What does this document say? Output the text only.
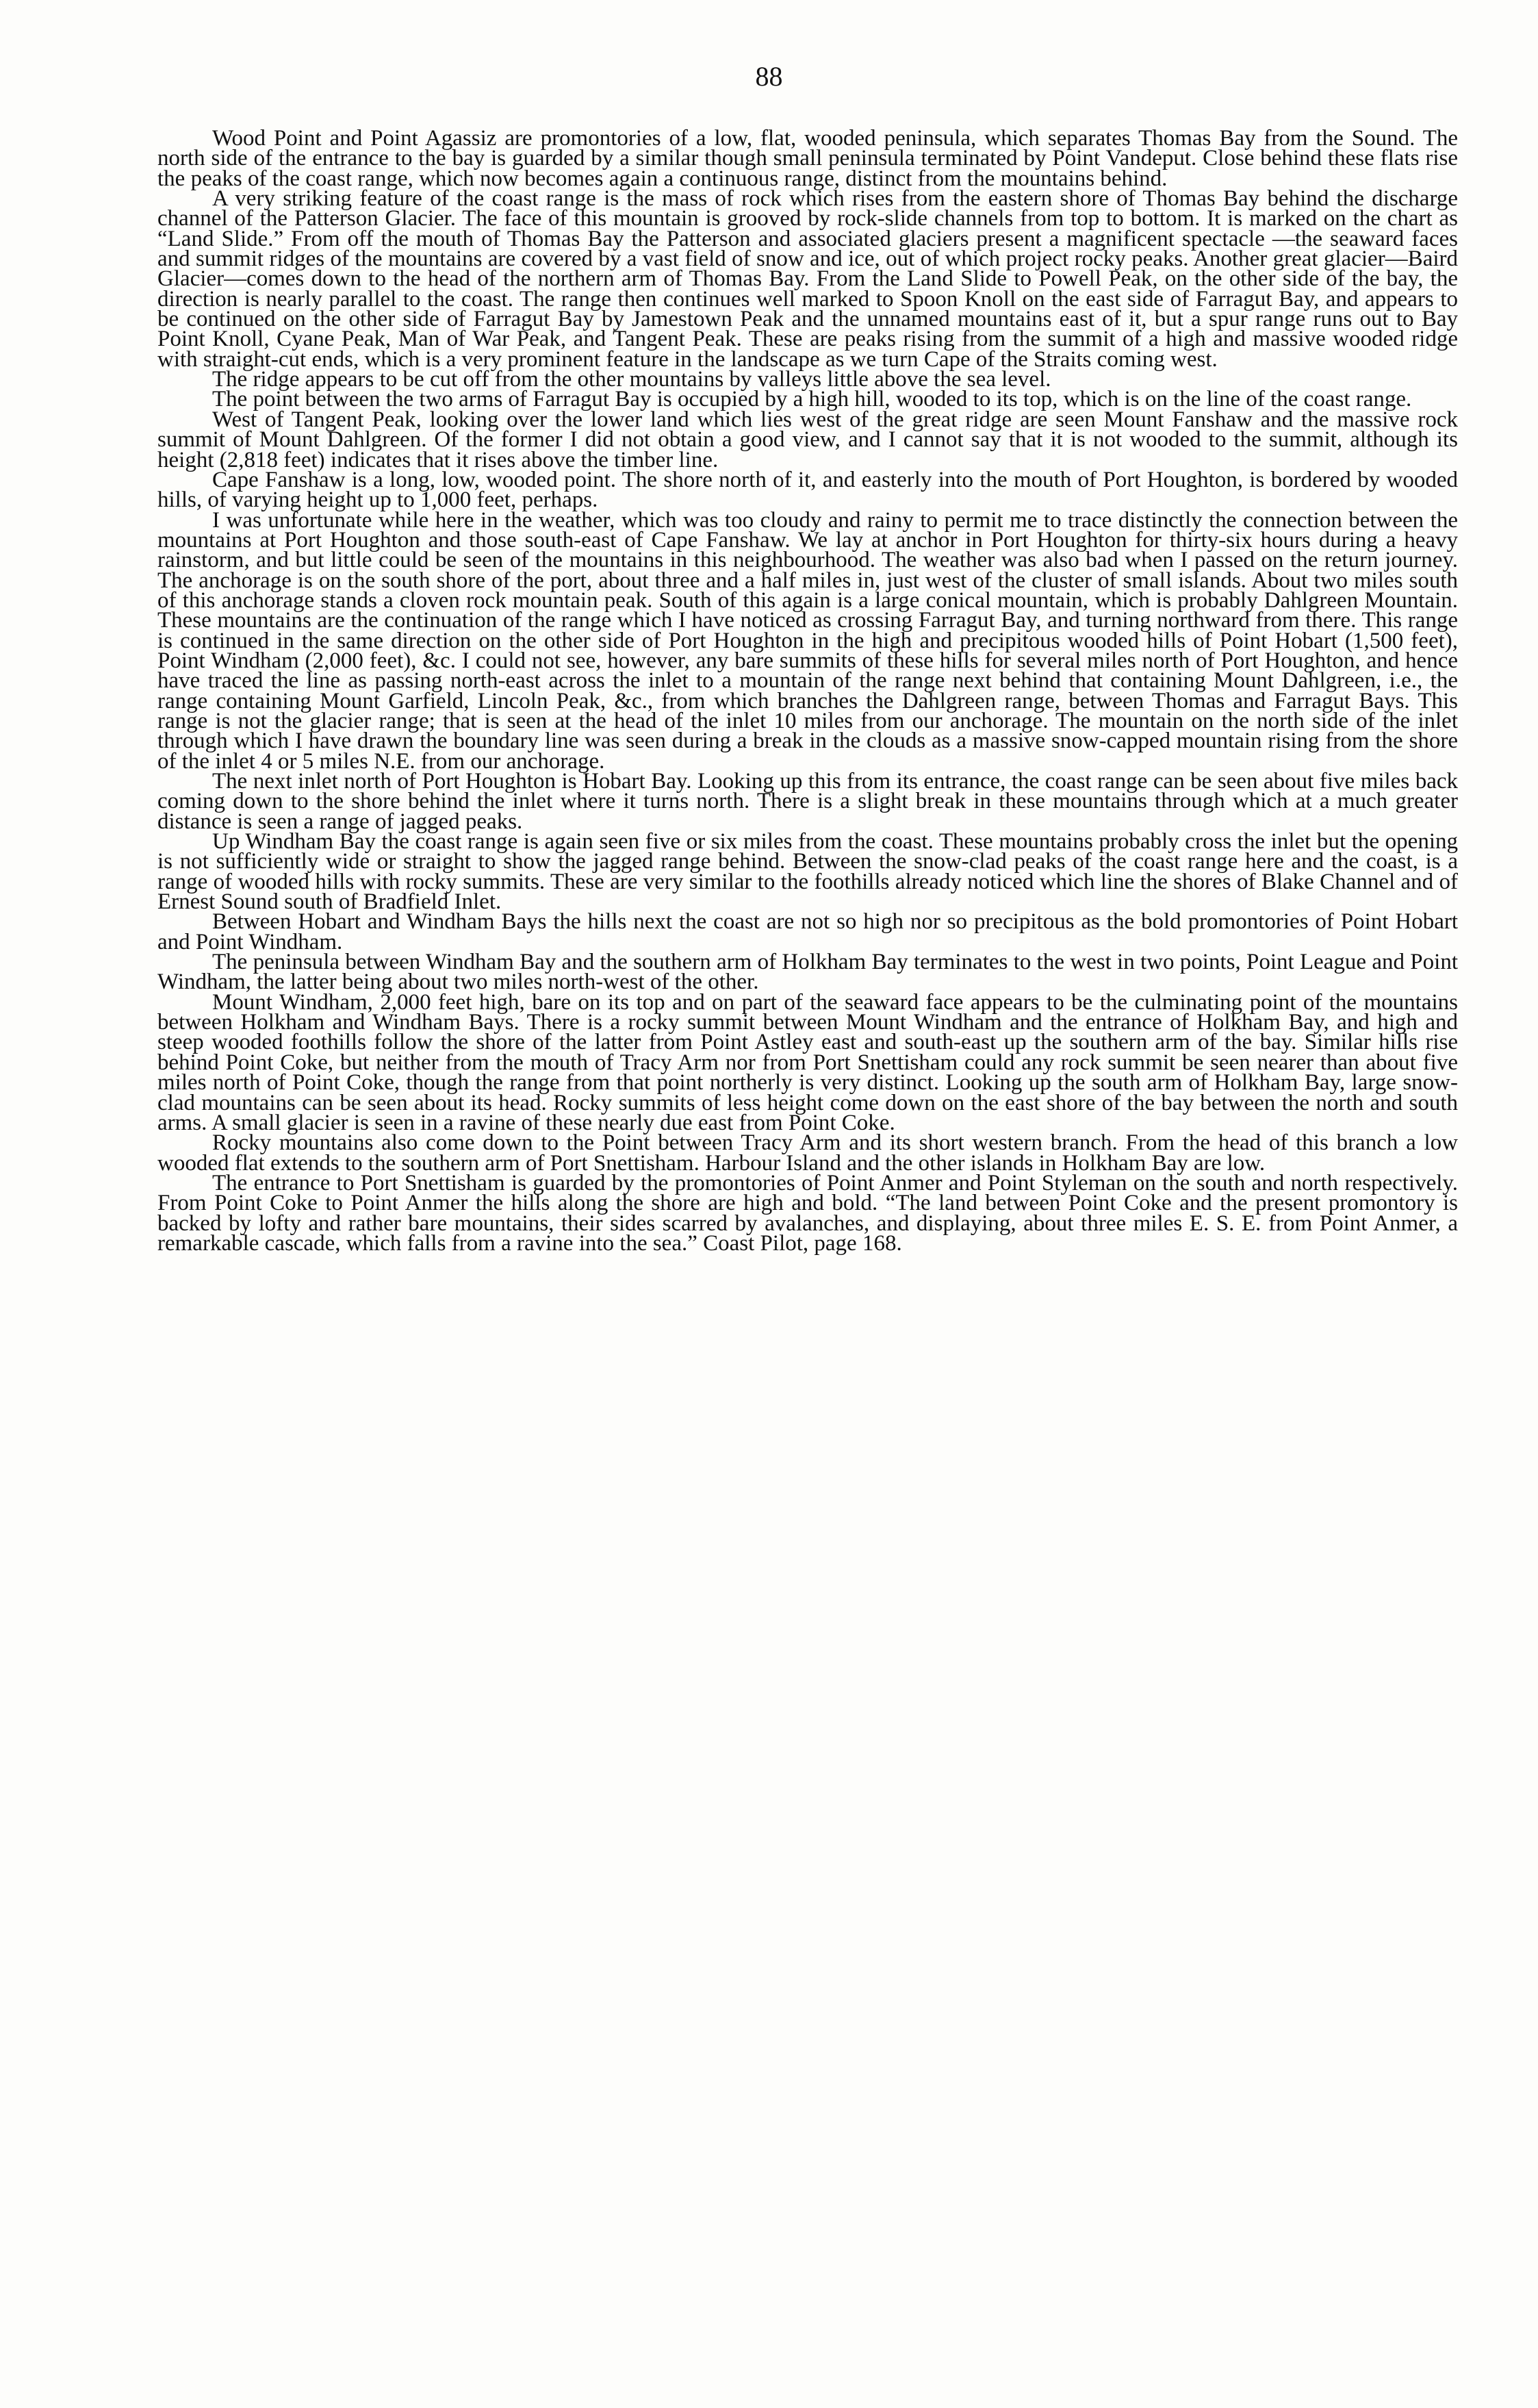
88

Wood Point and Point Agassiz are promontories of a low, flat, wooded peninsula, which separates Thomas Bay from the Sound. The north side of the entrance to the bay is guarded by a similar though small peninsula terminated by Point Vandeput. Close behind these flats rise the peaks of the coast range, which now becomes again a continuous range, distinct from the mountains behind.

A very striking feature of the coast range is the mass of rock which rises from the eastern shore of Thomas Bay behind the discharge channel of the Patterson Glacier. The face of this mountain is grooved by rock-slide channels from top to bottom. It is marked on the chart as “Land Slide.” From off the mouth of Thomas Bay the Patterson and associated glaciers present a magnificent spectacle —the seaward faces and summit ridges of the mountains are covered by a vast field of snow and ice, out of which project rocky peaks. Another great glacier—Baird Glacier—comes down to the head of the northern arm of Thomas Bay. From the Land Slide to Powell Peak, on the other side of the bay, the direction is nearly parallel to the coast. The range then continues well marked to Spoon Knoll on the east side of Farragut Bay, and appears to be continued on the other side of Farragut Bay by Jamestown Peak and the unnamed mountains east of it, but a spur range runs out to Bay Point Knoll, Cyane Peak, Man of War Peak, and Tangent Peak. These are peaks rising from the summit of a high and massive wooded ridge with straight-cut ends, which is a very prominent feature in the landscape as we turn Cape of the Straits coming west.

The ridge appears to be cut off from the other mountains by valleys little above the sea level.

The point between the two arms of Farragut Bay is occupied by a high hill, wooded to its top, which is on the line of the coast range.

West of Tangent Peak, looking over the lower land which lies west of the great ridge are seen Mount Fanshaw and the massive rock summit of Mount Dahlgreen. Of the former I did not obtain a good view, and I cannot say that it is not wooded to the summit, although its height (2,818 feet) indicates that it rises above the timber line.

Cape Fanshaw is a long, low, wooded point. The shore north of it, and easterly into the mouth of Port Houghton, is bordered by wooded hills, of varying height up to 1,000 feet, perhaps.

I was unfortunate while here in the weather, which was too cloudy and rainy to permit me to trace distinctly the connection between the mountains at Port Houghton and those south-east of Cape Fanshaw. We lay at anchor in Port Houghton for thirty-six hours during a heavy rainstorm, and but little could be seen of the mountains in this neighbourhood. The weather was also bad when I passed on the return journey. The anchorage is on the south shore of the port, about three and a half miles in, just west of the cluster of small islands. About two miles south of this anchorage stands a cloven rock mountain peak. South of this again is a large conical mountain, which is probably Dahlgreen Mountain. These mountains are the continuation of the range which I have noticed as crossing Farragut Bay, and turning northward from there. This range is continued in the same direction on the other side of Port Houghton in the high and precipitous wooded hills of Point Hobart (1,500 feet), Point Windham (2,000 feet), &c. I could not see, however, any bare summits of these hills for several miles north of Port Houghton, and hence have traced the line as passing north-east across the inlet to a mountain of the range next behind that containing Mount Dahlgreen, i.e., the range containing Mount Garfield, Lincoln Peak, &c., from which branches the Dahlgreen range, between Thomas and Farragut Bays. This range is not the glacier range; that is seen at the head of the inlet 10 miles from our anchorage. The mountain on the north side of the inlet through which I have drawn the boundary line was seen during a break in the clouds as a massive snow-capped mountain rising from the shore of the inlet 4 or 5 miles N.E. from our anchorage.

The next inlet north of Port Houghton is Hobart Bay. Looking up this from its entrance, the coast range can be seen about five miles back coming down to the shore behind the inlet where it turns north. There is a slight break in these mountains through which at a much greater distance is seen a range of jagged peaks.

Up Windham Bay the coast range is again seen five or six miles from the coast. These mountains probably cross the inlet but the opening is not sufficiently wide or straight to show the jagged range behind. Between the snow-clad peaks of the coast range here and the coast, is a range of wooded hills with rocky summits. These are very similar to the foothills already noticed which line the shores of Blake Channel and of Ernest Sound south of Bradfield Inlet.

Between Hobart and Windham Bays the hills next the coast are not so high nor so precipitous as the bold promontories of Point Hobart and Point Windham.

The peninsula between Windham Bay and the southern arm of Holkham Bay terminates to the west in two points, Point League and Point Windham, the latter being about two miles north-west of the other.

Mount Windham, 2,000 feet high, bare on its top and on part of the seaward face appears to be the culminating point of the mountains between Holkham and Windham Bays. There is a rocky summit between Mount Windham and the entrance of Holkham Bay, and high and steep wooded foothills follow the shore of the latter from Point Astley east and south-east up the southern arm of the bay. Similar hills rise behind Point Coke, but neither from the mouth of Tracy Arm nor from Port Snettisham could any rock summit be seen nearer than about five miles north of Point Coke, though the range from that point northerly is very distinct. Looking up the south arm of Holkham Bay, large snow-clad mountains can be seen about its head. Rocky summits of less height come down on the east shore of the bay between the north and south arms. A small glacier is seen in a ravine of these nearly due east from Point Coke.

Rocky mountains also come down to the Point between Tracy Arm and its short western branch. From the head of this branch a low wooded flat extends to the southern arm of Port Snettisham. Harbour Island and the other islands in Holkham Bay are low.

The entrance to Port Snettisham is guarded by the promontories of Point Anmer and Point Styleman on the south and north respectively. From Point Coke to Point Anmer the hills along the shore are high and bold. “The land between Point Coke and the present promontory is backed by lofty and rather bare mountains, their sides scarred by avalanches, and displaying, about three miles E. S. E. from Point Anmer, a remarkable cascade, which falls from a ravine into the sea.” Coast Pilot, page 168.
